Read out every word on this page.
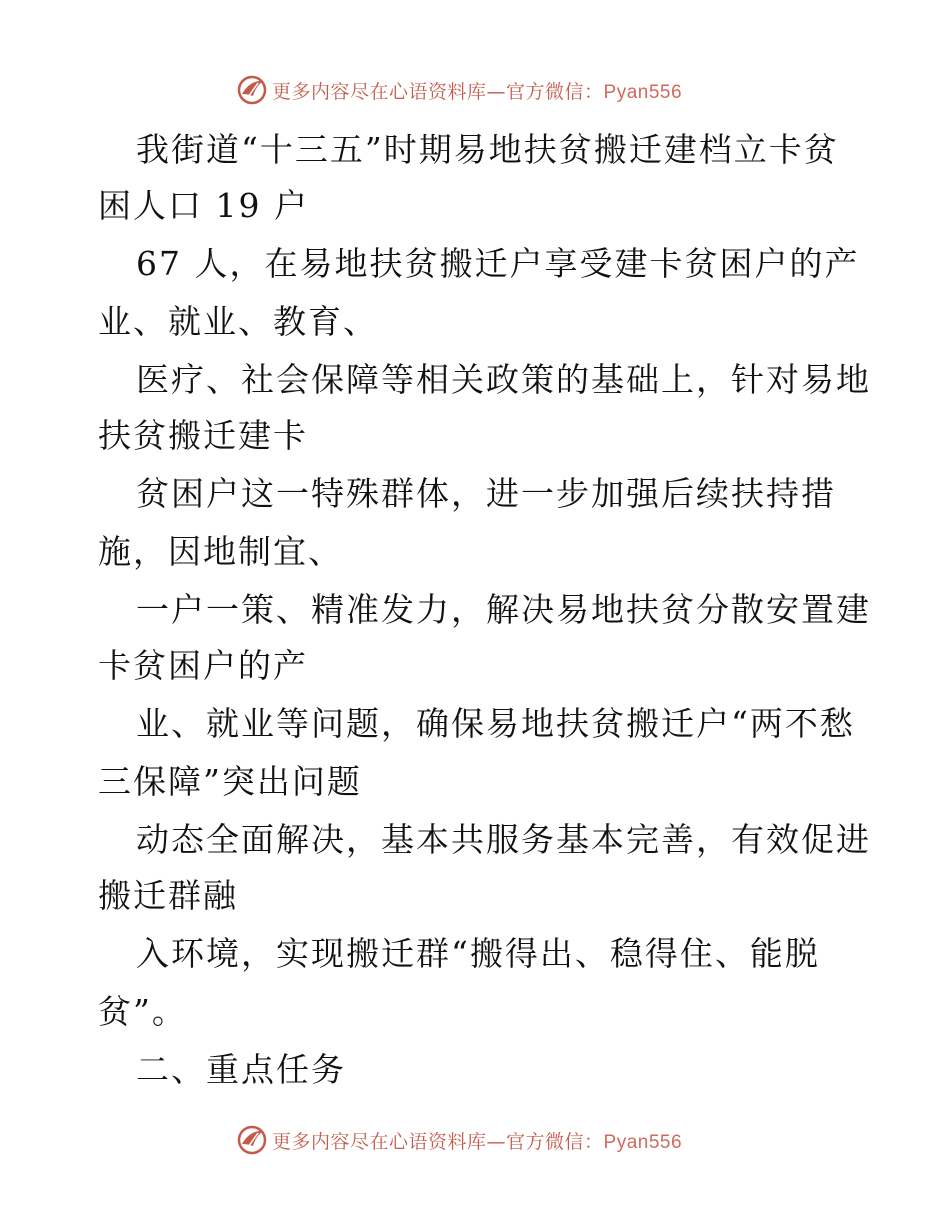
更多内容尽在心语资料库—官方微信：Pyan556
我街道“十三五”时期易地扶贫搬迁建档立卡贫
困人口 19 户
67 人，在易地扶贫搬迁户享受建卡贫困户的产
业、就业、教育、
医疗、社会保障等相关政策的基础上，针对易地
扶贫搬迁建卡
贫困户这一特殊群体，进一步加强后续扶持措
施，因地制宜、
一户一策、精准发力，解决易地扶贫分散安置建
卡贫困户的产
业、就业等问题，确保易地扶贫搬迁户“两不愁
三保障”突出问题
动态全面解决，基本共服务基本完善，有效促进
搬迁群融
入环境，实现搬迁群“搬得出、稳得住、能脱
贫”。
二、重点任务
更多内容尽在心语资料库—官方微信：Pyan556
